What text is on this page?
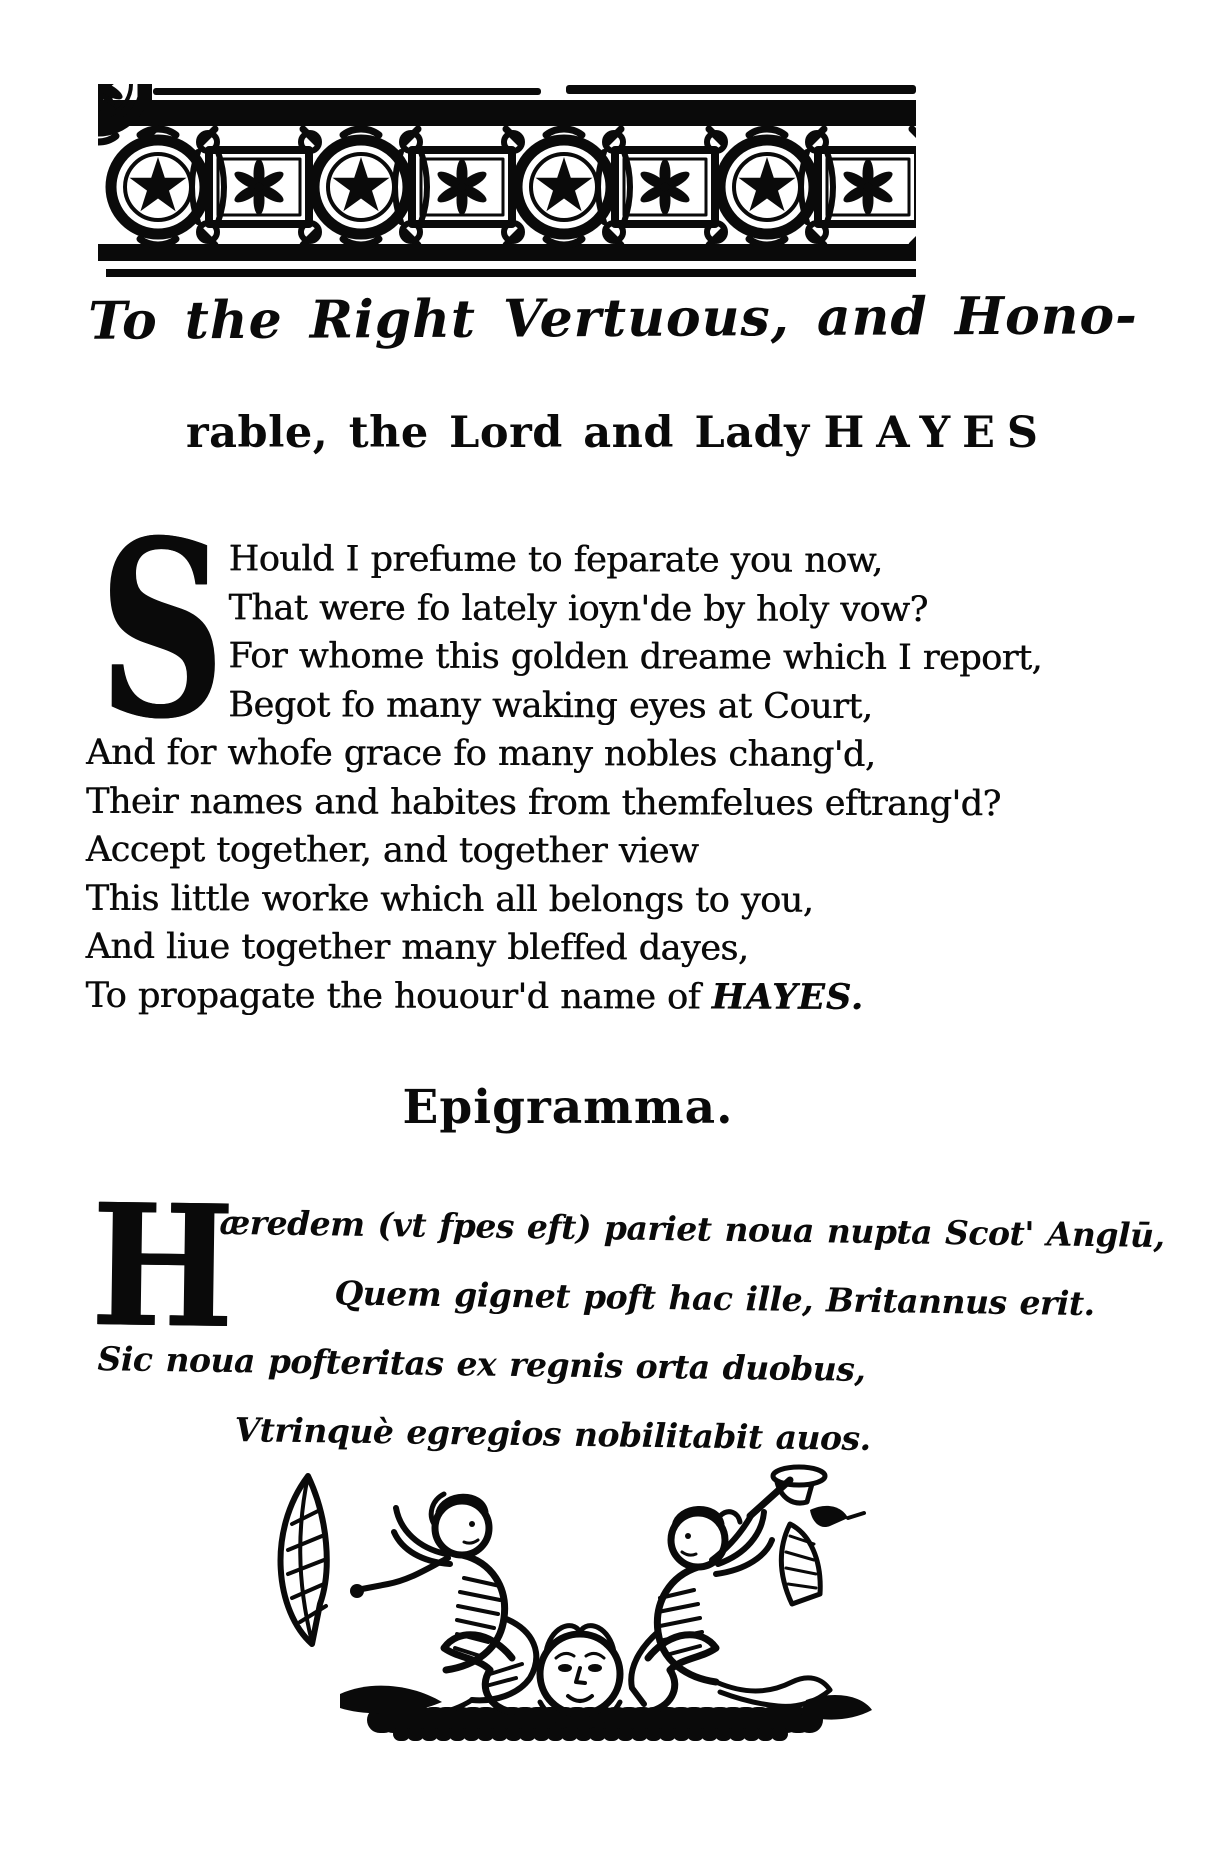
To the Right Vertuous, and Hono-
rable, the Lord and Lady HAYES
S Hould I prefume to feparate you now,
That were fo lately ioyn'de by holy vow?
For whome this golden dreame which I report,
Begot fo many waking eyes at Court,
And for whofe grace fo many nobles chang'd,
Their names and habites from themfelues eftrang'd?
Accept together, and together view
This little worke which all belongs to you,
And liue together many bleffed dayes,
To propagate the houour'd name of HAYES.
Epigramma.
H
æredem (vt fpes eft) pariet noua nupta Scot' Anglū,
Quem gignet poft hac ille, Britannus erit.
Sic noua pofteritas ex regnis orta duobus,
Vtrinquè egregios nobilitabit auos.
